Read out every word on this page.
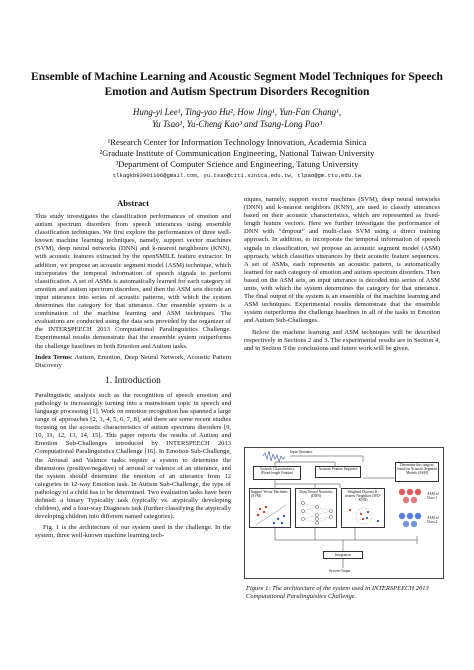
Ensemble of Machine Learning and Acoustic Segment Model Techniques for Speech Emotion and Autism Spectrum Disorders Recognition
Hung-yi Lee¹, Ting-yao Hu², How Jing¹, Yun-Fan Chang¹,
Yu Tsao¹, Yu-Cheng Kao³ and Tsang-Long Pao³
¹Research Center for Information Technology Innovation, Academia Sinica
²Graduate Institute of Communication Engineering, National Taiwan University
³Department of Computer Science and Engineering, Tatung University
tlkagkb93901106@gmail.com, yu.tsao@citi.sinica.edu.tw, tlpao@gm.ttu.edu.tw
Abstract

This study investigates the classification performances of emotion and autism spectrum disorders from speech utterances using ensemble classification techniques. We first explore the performances of three well-known machine learning techniques, namely, support vector machines (SVM), deep neural networks (DNN) and k-nearest neighbours (KNN), with acoustic features extracted by the openSMILE feature extractor. In addition, we propose an acoustic segment model (ASM) technique, which incorporates the temporal information of speech signals to perform classification. A set of ASMs is automatically learned for each category of emotion and autism spectrum disorders, and then the ASM sets decode an input utterance into series of acoustic patterns, with which the system determines the category for that utterance. Our ensemble system is a combination of the machine learning and ASM techniques. The evaluations are conducted using the data sets provided by the organizer of the INTERSPEECH 2013 Computational Paralinguistics Challenge. Experimental results demonstrate that the ensemble system outperforms the challenge baselines in both Emotion and Autism tasks.

Index Terms: Autism, Emotion, Deep Neural Network, Acoustic Pattern Discovery

1. Introduction

Paralinguistic analysis such as the recognition of speech emotion and pathology is increasingly turning into a mainstream topic in speech and language processing [1]. Work on emotion recognition has spanned a large range of approaches [2, 3, 4, 5, 6, 7, 8], and there are some recent studies focusing on the acoustic characteristics of autism spectrum disorders [9, 10, 11, 12, 13, 14, 15]. This paper reports the results of Autism and Emotion Sub-Challenges introduced by INTERSPEECH 2013 Computational Paralinguistics Challenge [16]. In Emotion Sub-Challenge, the Arousal and Valence tasks require a system to determine the dimensions (positive/negative) of arousal or valence of an utterance, and the system should determine the emotion of an utterance from 12 categories in 12-way Emotion task. In Autism Sub-Challenge, the type of pathology of a child has to be determined. Two evaluation tasks have been defined: a binary Typicality task (typically vs. atypically developing children), and a four-way Diagnosis task (further classifying the atypically developing children into different named categories).

Fig. 1 is the architecture of our system used in the challenge. In the system, three well-known machine learning tech-

niques, namely, support vector machines (SVM), deep neural networks (DNN) and k-nearest neighbors (KNN), are used to classify utterances based on their acoustic characteristics, which are represented as fixed-length feature vectors. Here we further investigate the performance of DNN with “dropout” and multi-class SVM using a direct training approach. In addition, to incorporate the temporal information of speech signals in classification, we propose an acoustic segment model (ASM) approach, which classifies utterances by their acoustic feature sequences. A set of ASMs, each represents an acoustic pattern, is automatically learned for each category of emotion and autism spectrum disorders. Then based on the ASM sets, an input utterance is decoded into series of ASM units, with which the system determines the category for that utterance. The final output of the system is an ensemble of the machine learning and ASM techniques. Experimental results demonstrate that the ensemble system outperforms the challenge baselines in all of the tasks in Emotion and Autism Sub-Challenges.

Below the machine learning and ASM techniques will be described respectively in Sections 2 and 3. The experimental results are in Section 4, and in Section 5 the conclusions and future work will be given.

Input Utterance
Acoustic Characteristics (Fixed-length Feature)
Acoustic Feature Sequence
Determine the category based on Acoustic Segment Models (ASM)
Support Vector Machines (SVM)
Deep Neural Networks (DNN)
Weighted Discrete K-nearest Neighbors (WD-KNN)
ASM of Class 1
ASM of Class 2
Integration
System Output
Figure 1: The architecture of the system used in INTERSPEECH 2013 Computational Paralinguistics Challenge.
